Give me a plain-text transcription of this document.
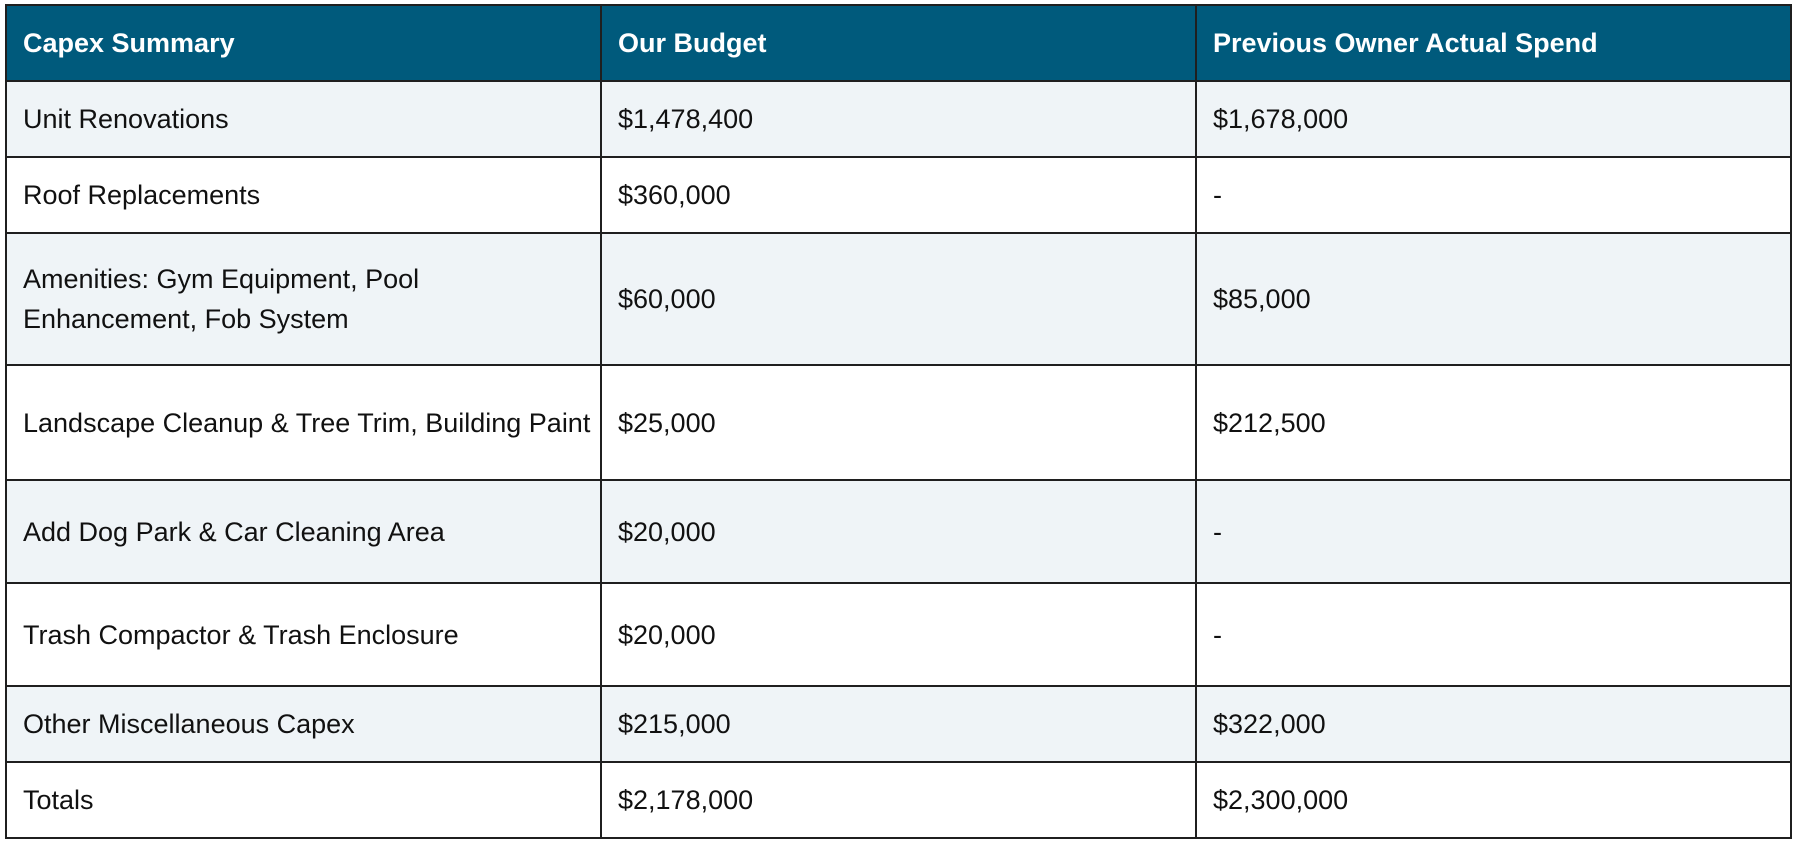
Capex Summary	Our Budget	Previous Owner Actual Spend
Unit Renovations	$1,478,400	$1,678,000
Roof Replacements	$360,000	-
Amenities: Gym Equipment, Pool Enhancement, Fob System	$60,000	$85,000
Landscape Cleanup & Tree Trim, Building Paint	$25,000	$212,500
Add Dog Park & Car Cleaning Area	$20,000	-
Trash Compactor & Trash Enclosure	$20,000	-
Other Miscellaneous Capex	$215,000	$322,000
Totals	$2,178,000	$2,300,000
